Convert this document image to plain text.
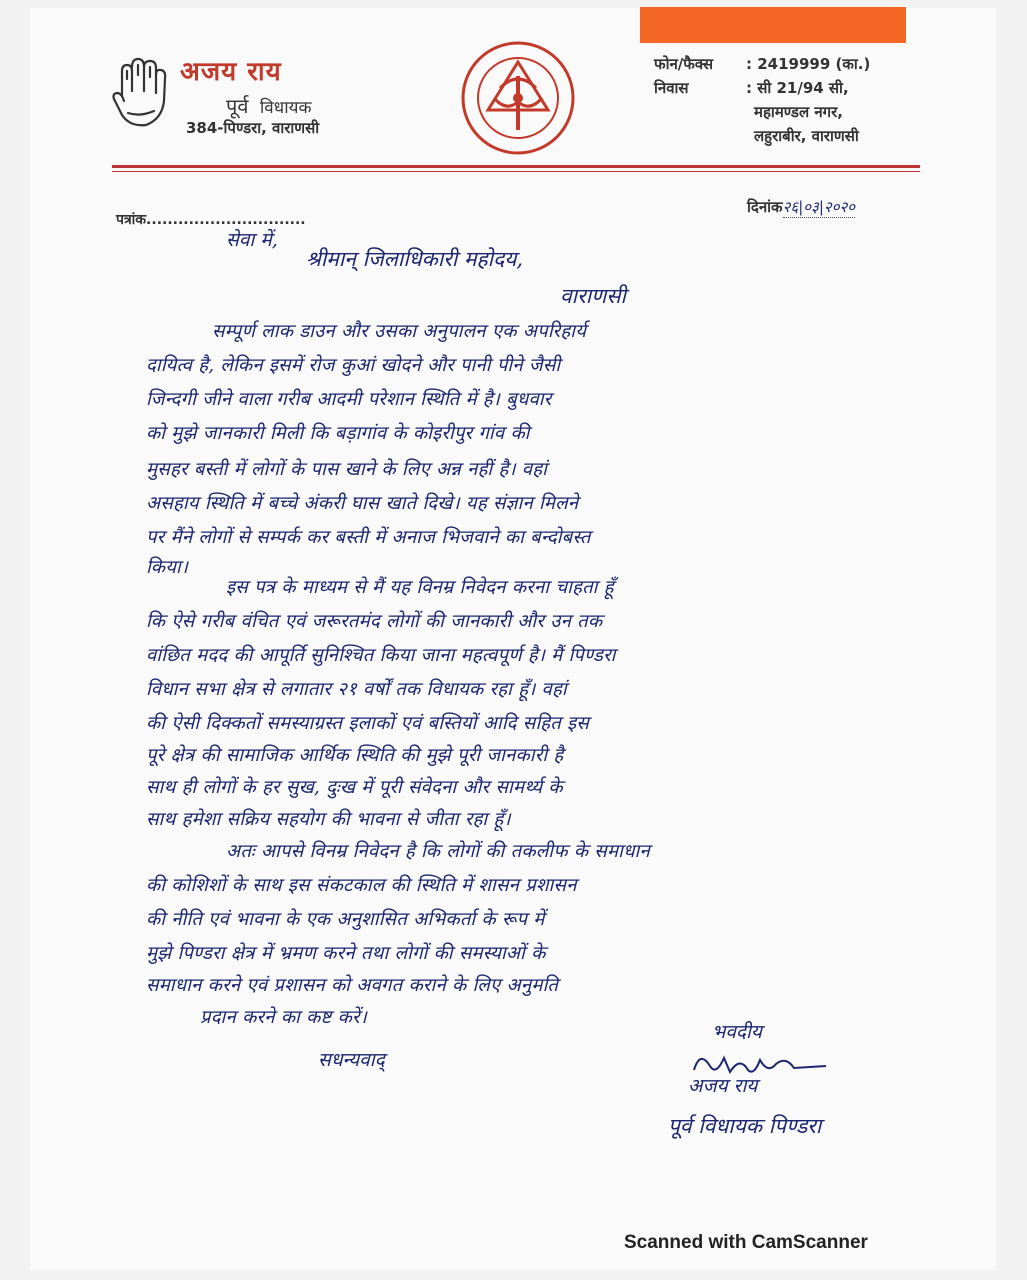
अजय राय
पूर्व विधायक
384-पिण्डरा, वाराणसी
फोन/फैक्स : 2419999 (का.)
निवास	: सी 21/94 सी,
महामण्डल नगर,
लहुराबीर, वाराणसी
पत्रांक..............................
दिनांक२६|०३|२०२०
सेवा में,
श्रीमान् जिलाधिकारी महोदय,
वाराणसी
सम्पूर्ण लाक डाउन और उसका अनुपालन एक अपरिहार्य
दायित्व है, लेकिन इसमें रोज कुआं खोदने और पानी पीने जैसी
जिन्दगी जीने वाला गरीब आदमी परेशान स्थिति में है। बुधवार
को मुझे जानकारी मिली कि बड़ागांव के कोइरीपुर गांव की
मुसहर बस्ती में लोगों के पास खाने के लिए अन्न नहीं है। वहां
असहाय स्थिति में बच्चे अंकरी घास खाते दिखे। यह संज्ञान मिलने
पर मैंने लोगों से सम्पर्क कर बस्ती में अनाज भिजवाने का बन्दोबस्त
किया।
इस पत्र के माध्यम से मैं यह विनम्र निवेदन करना चाहता हूँ
कि ऐसे गरीब वंचित एवं जरूरतमंद लोगों की जानकारी और उन तक
वांछित मदद की आपूर्ति सुनिश्चित किया जाना महत्वपूर्ण है। मैं पिण्डरा
विधान सभा क्षेत्र से लगातार २१ वर्षों तक विधायक रहा हूँ। वहां
की ऐसी दिक्कतों समस्याग्रस्त इलाकों एवं बस्तियों आदि सहित इस
पूरे क्षेत्र की सामाजिक आर्थिक स्थिति की मुझे पूरी जानकारी है
साथ ही लोगों के हर सुख, दुःख में पूरी संवेदना और सामर्थ्य के
साथ हमेशा सक्रिय सहयोग की भावना से जीता रहा हूँ।
अतः आपसे विनम्र निवेदन है कि लोगों की तकलीफ के समाधान
की कोशिशों के साथ इस संकटकाल की स्थिति में शासन प्रशासन
की नीति एवं भावना के एक अनुशासित अभिकर्ता के रूप में
मुझे पिण्डरा क्षेत्र में भ्रमण करने तथा लोगों की समस्याओं के
समाधान करने एवं प्रशासन को अवगत कराने के लिए अनुमति
प्रदान करने का कष्ट करें।
सधन्यवाद्
भवदीय
अजय राय
पूर्व विधायक पिण्डरा
Scanned with CamScanner
